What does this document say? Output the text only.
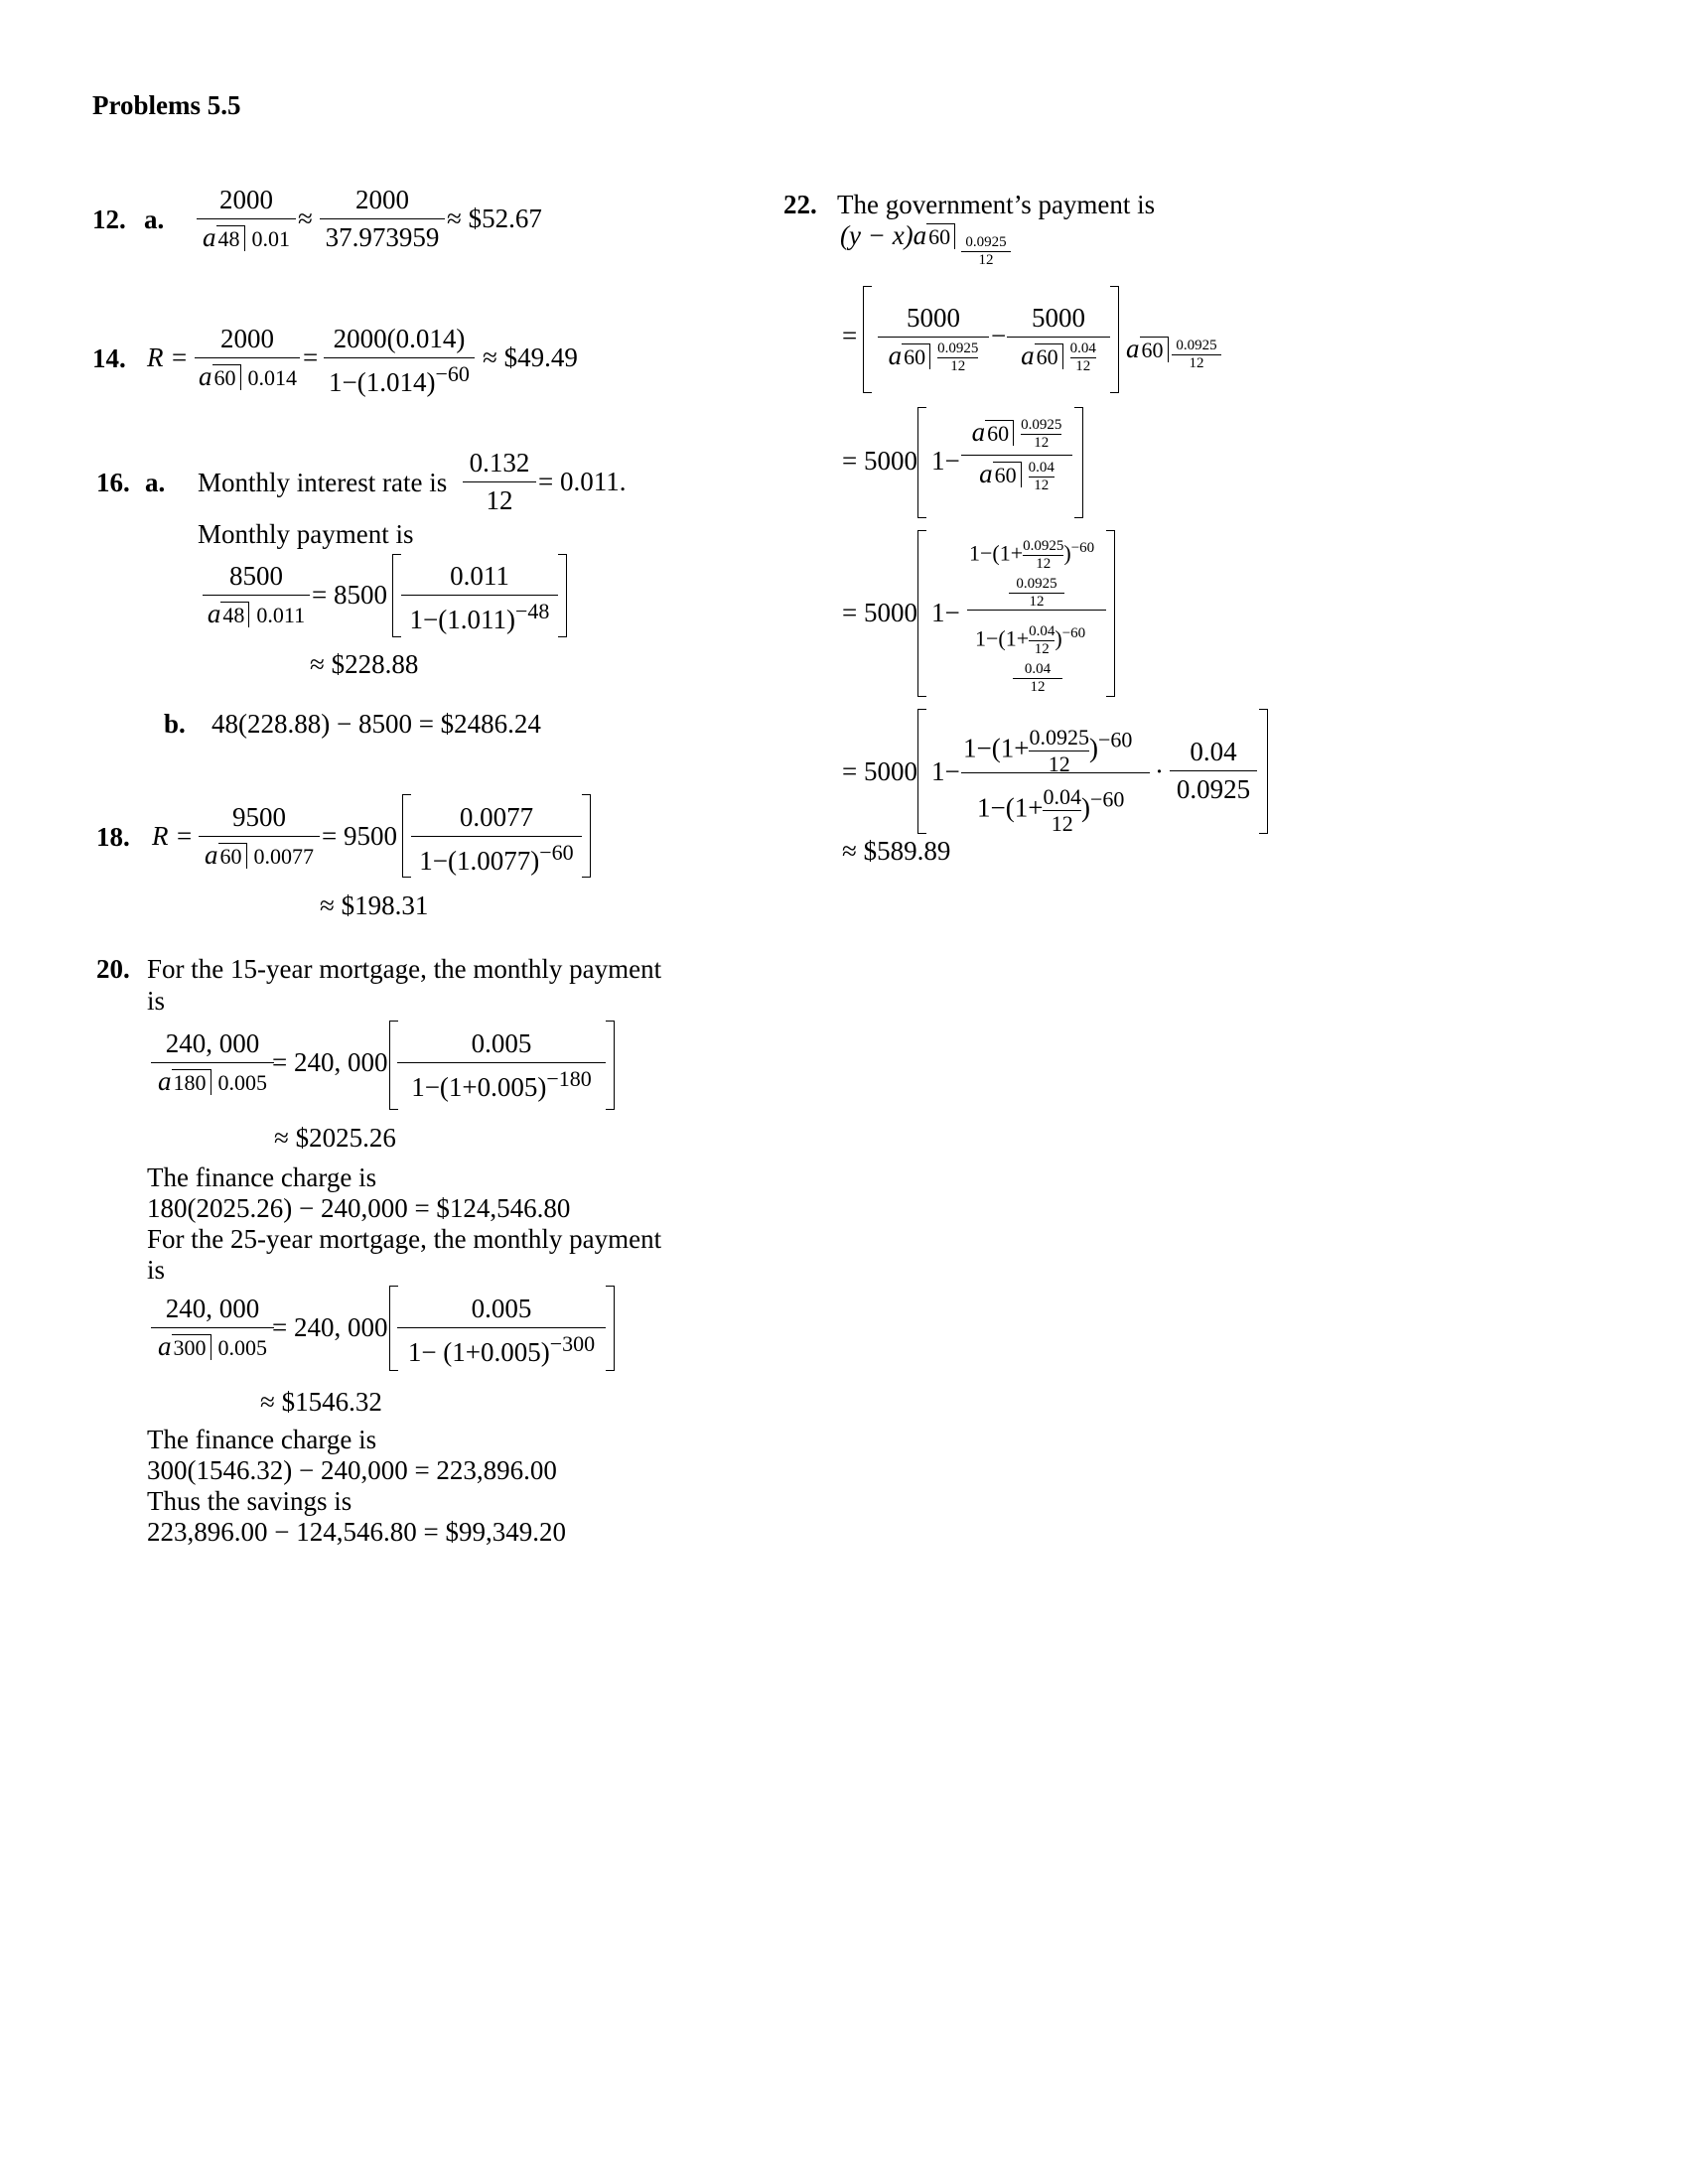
Problems 5.5
12. a. $\frac{2000}{a48 0.01} \approx \frac{2000}{37.973959}$ ≈ $52.67
14. $R = \frac{2000}{a60 0.014} = \frac{2000(0.014)}{1-(1.014)^{-60}}$ ≈ $49.49
16. a. Monthly interest rate is $\frac{0.132}{12} = 0.011$.
Monthly payment is
$\frac{8500}{a48 0.011} = 8500 \frac{0.011}{1-(1.011)^{-48}}$
≈ $228.88
b. 48(228.88) − 8500 = $2486.24
18. $R = \frac{9500}{a60 0.0077} = 9500 \frac{0.0077}{1-(1.0077)^{-60}}$
≈ $198.31
20. For the 15-year mortgage, the monthly payment
is
$\frac{240, 000}{a180 0.005}$
= 240, $000 \frac{0.005}{1-(1+0.005)^{-180}}$
≈ $2025.26
The finance charge is
180(2025.26) − 240,000 = $124,546.80
For the 25-year mortgage, the monthly payment
is
$\frac{240, 000}{a300 0.005}$
= 240, $000 \frac{0.005}{1- (1+0.005)^{-300}}$
≈ $1546.32
The finance charge is
300(1546.32) − 240,000 = 223,896.00
Thus the savings is
223,896.00 − 124,546.80 = $99,349.20
22. The government’s payment is
$(y - x)a60 \frac{0.0925}{12}$
= $\frac{5000}{a60 \frac{0.0925}{12}} - \frac{5000}{a60 \frac{0.04}{12}} a60 \frac{0.0925}{12}$
= 5000 $1- \frac{a60 \frac{0.0925}{12}}{a60 \frac{0.04}{12}}$
= 5000 1−
$1-(1+ \frac{0.0925}{12} )^{-60}$
$\frac{0.0925}{12}$
$1-(1+ \frac{0.04}{12} )^{-60}$
$\frac{0.04}{12}$
= 5000 1−
$1-(1+ \frac{0.0925}{12} )^{-60}$
$1-(1+ \frac{0.04}{12} )^{-60}$
· $\frac{0.04}{0.0925}$
≈ $589.89
